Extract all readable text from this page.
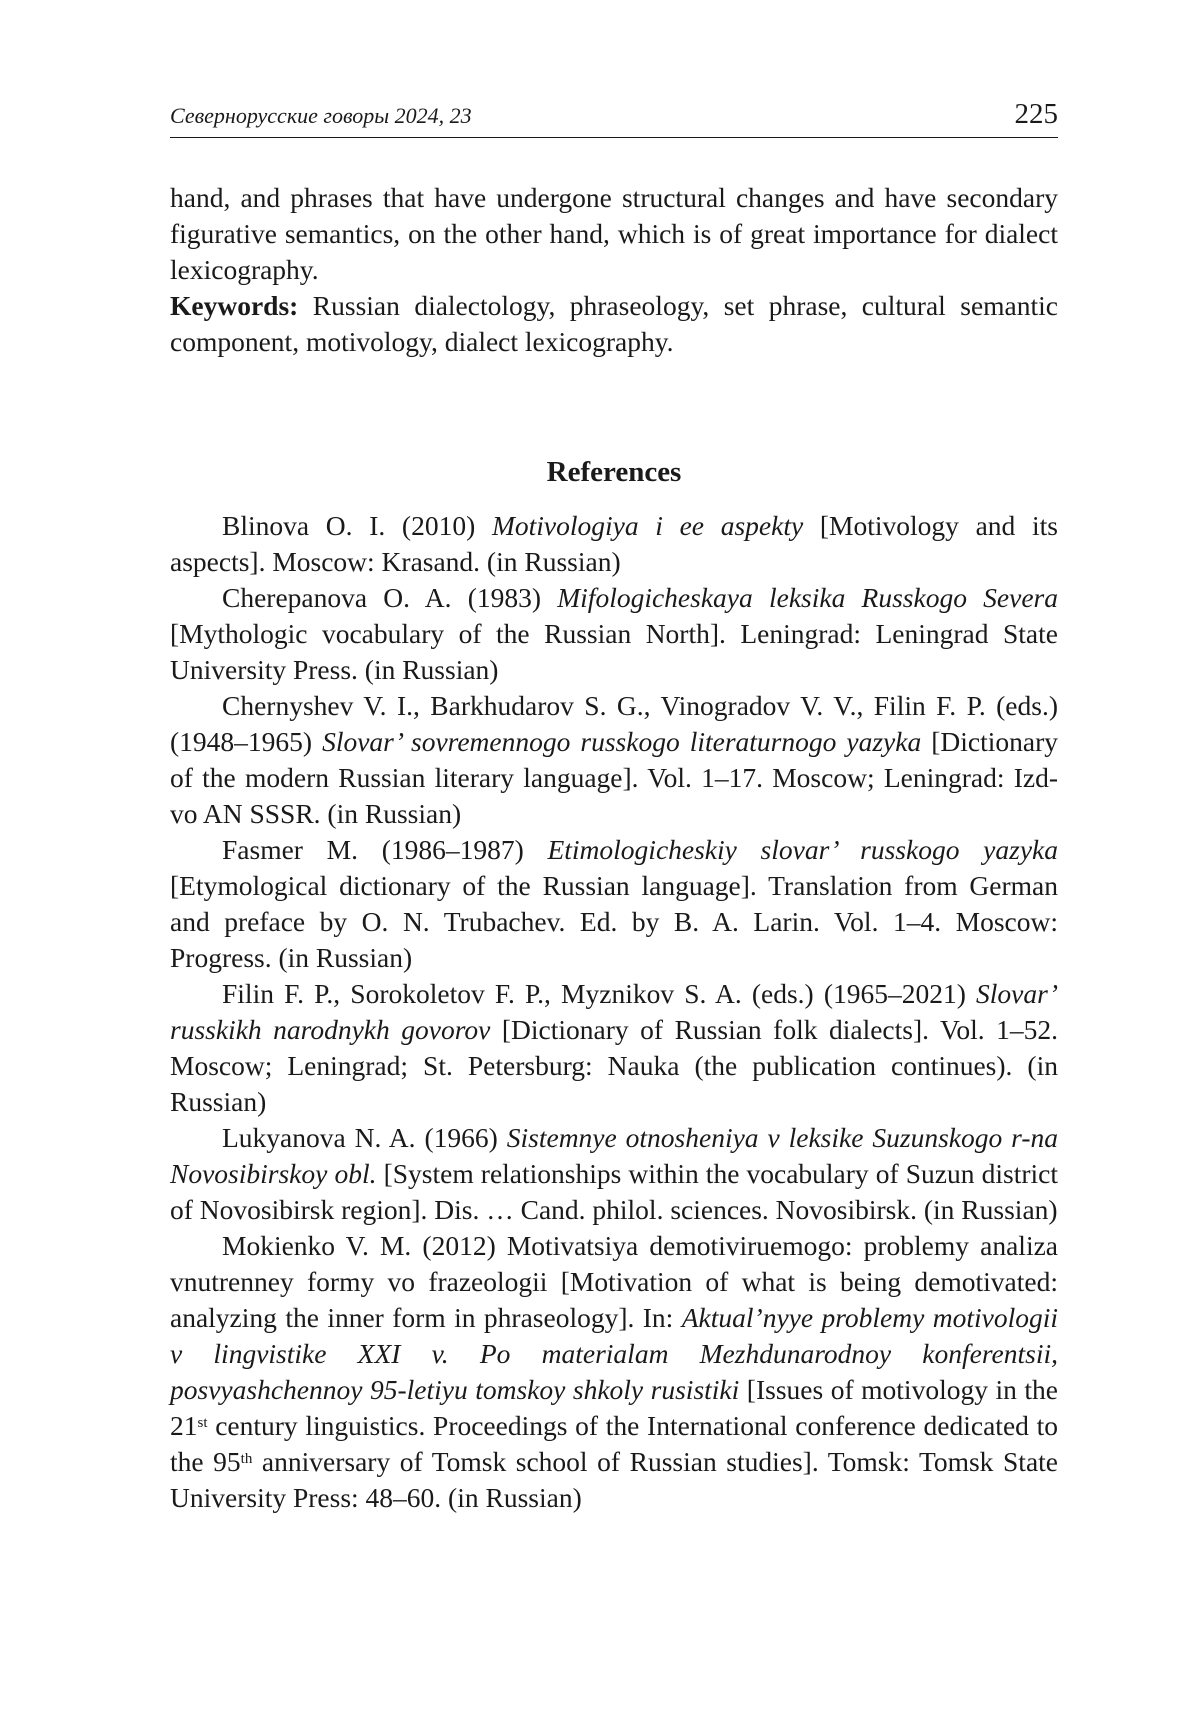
Севернорусские говоры 2024, 23	225

hand, and phrases that have undergone structural changes and have secondary figurative semantics, on the other hand, which is of great importance for dialect lexicography.

Keywords: Russian dialectology, phraseology, set phrase, cultural semantic component, motivology, dialect lexicography.

References

Blinova O. I. (2010) Motivologiya i ee aspekty [Motivology and its aspects]. Moscow: Krasand. (in Russian)

Cherepanova O. A. (1983) Mifologicheskaya leksika Russkogo Severa [Mythologic vocabulary of the Russian North]. Leningrad: Leningrad State University Press. (in Russian)

Chernyshev V. I., Barkhudarov S. G., Vinogradov V. V., Filin F. P. (eds.) (1948–1965) Slovar’ sovremennogo russkogo literaturnogo yazyka [Dictionary of the modern Russian literary language]. Vol. 1–17. Moscow; Leningrad: Izd-vo AN SSSR. (in Russian)

Fasmer M. (1986–1987) Etimologicheskiy slovar’ russkogo yazyka [Etymological dictionary of the Russian language]. Translation from German and preface by O. N. Trubachev. Ed. by B. A. Larin. Vol. 1–4. Moscow: Progress. (in Russian)

Filin F. P., Sorokoletov F. P., Myznikov S. A. (eds.) (1965–2021) Slovar’ russkikh narodnykh govorov [Dictionary of Russian folk dialects]. Vol. 1–52. Moscow; Leningrad; St. Petersburg: Nauka (the publication continues). (in Russian)

Lukyanova N. A. (1966) Sistemnye otnosheniya v leksike Suzunskogo r-na Novosibirskoy obl. [System relationships within the vocabulary of Suzun district of Novosibirsk region]. Dis. … Cand. philol. sciences. Novosibirsk. (in Russian)

Mokienko V. M. (2012) Motivatsiya demotiviruemogo: problemy analiza vnutrenney formy vo frazeologii [Motivation of what is being demotivated: analyzing the inner form in phraseology]. In: Aktual’nyye problemy motivologii v lingvistike XXI v. Po materialam Mezhdunarodnoy konferentsii, posvyashchennoy 95-letiyu tomskoy shkoly rusistiki [Issues of motivology in the 21st century linguistics. Proceedings of the International conference dedicated to the 95th anniversary of Tomsk school of Russian studies]. Tomsk: Tomsk State University Press: 48–60. (in Russian)
